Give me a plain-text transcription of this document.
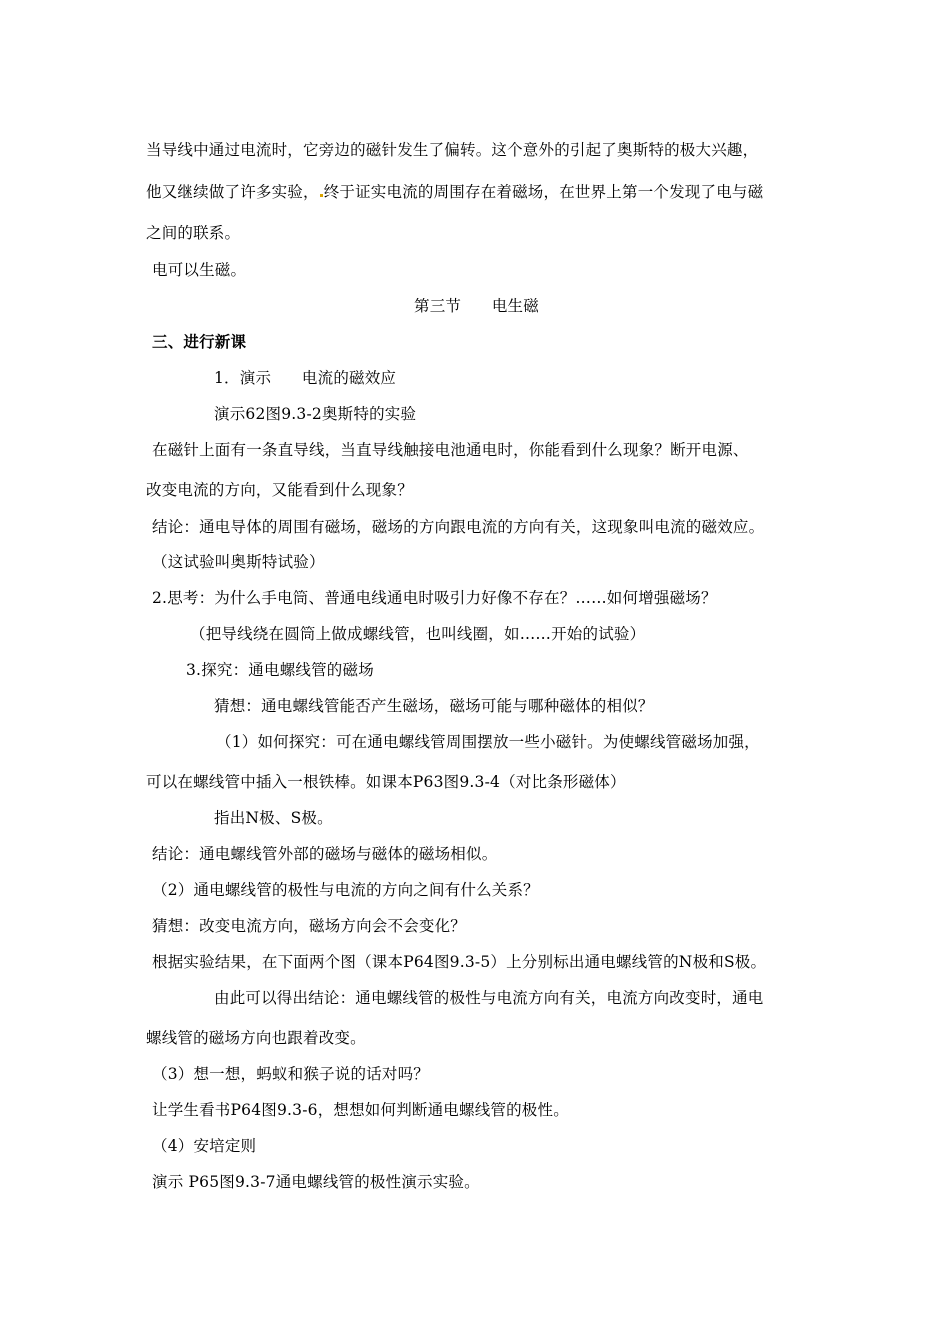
当导线中通过电流时，它旁边的磁针发生了偏转。这个意外的引起了奥斯特的极大兴趣，
他又继续做了许多实验， 终于证实电流的周围存在着磁场，在世界上第一个发现了电与磁
之间的联系。
电可以生磁。
第三节      电生磁
三、进行新课
1．演示      电流的磁效应
演示62图9.3-2奥斯特的实验
在磁针上面有一条直导线，当直导线触接电池通电时，你能看到什么现象？断开电源、
改变电流的方向，又能看到什么现象？
结论：通电导体的周围有磁场，磁场的方向跟电流的方向有关，这现象叫电流的磁效应。
（这试验叫奥斯特试验）
2.思考：为什么手电筒、普通电线通电时吸引力好像不存在？……如何增强磁场？
（把导线绕在圆筒上做成螺线管，也叫线圈，如……开始的试验）
3.探究：通电螺线管的磁场
猜想：通电螺线管能否产生磁场，磁场可能与哪种磁体的相似？
（1）如何探究：可在通电螺线管周围摆放一些小磁针。为使螺线管磁场加强，
可以在螺线管中插入一根铁棒。如课本P63图9.3-4（对比条形磁体）
指出N极、S极。
结论：通电螺线管外部的磁场与磁体的磁场相似。
（2）通电螺线管的极性与电流的方向之间有什么关系？
猜想：改变电流方向，磁场方向会不会变化？
根据实验结果，在下面两个图（课本P64图9.3-5）上分别标出通电螺线管的N极和S极。
由此可以得出结论：通电螺线管的极性与电流方向有关，电流方向改变时，通电
螺线管的磁场方向也跟着改变。
（3）想一想，蚂蚁和猴子说的话对吗？
让学生看书P64图9.3-6，想想如何判断通电螺线管的极性。
（4）安培定则
演示 P65图9.3-7通电螺线管的极性演示实验。
